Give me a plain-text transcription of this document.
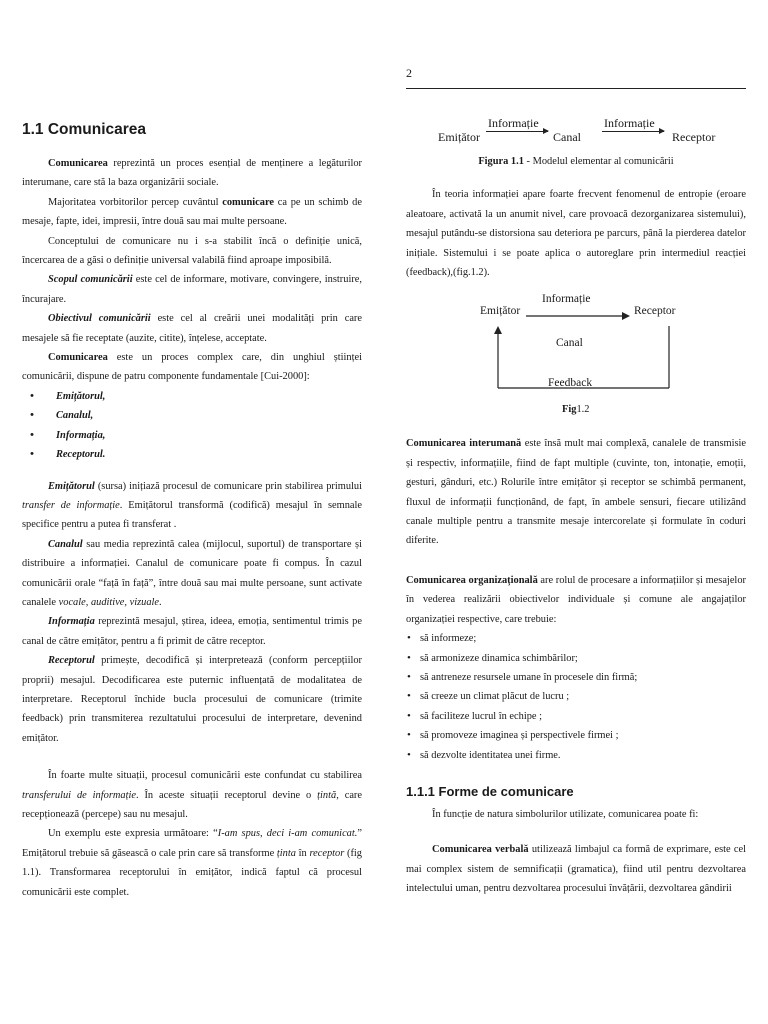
2

1.1 Comunicarea

Comunicarea reprezintă un proces esențial de menținere a legăturilor interumane, care stă la baza organizării sociale.

Majoritatea vorbitorilor percep cuvântul comunicare ca pe un schimb de mesaje, fapte, idei, impresii, între două sau mai multe persoane.

Conceptului de comunicare nu i s-a stabilit încă o definiție unică, încercarea de a găsi o definiție universal valabilă fiind aproape imposibilă.

Scopul comunicării este cel de informare, motivare, convingere, instruire, încurajare.

Obiectivul comunicării este cel al creării unei modalități prin care mesajele să fie receptate (auzite, citite), înțelese, acceptate.

Comunicarea este un proces complex care, din unghiul științei comunicării, dispune de patru componente fundamentale [Cui-2000]:

• Emițătorul,
• Canalul,
• Informația,
• Receptorul.

Emițătorul (sursa) inițiază procesul de comunicare prin stabilirea primului transfer de informație. Emițătorul transformă (codifică) mesajul în semnale specifice pentru a putea fi transferat .

Canalul sau media reprezintă calea (mijlocul, suportul) de transportare și distribuire a informației. Canalul de comunicare poate fi compus. În cazul comunicării orale “față în față”, între două sau mai multe persoane, sunt activate canalele vocale, auditive, vizuale.

Informația reprezintă mesajul, știrea, ideea, emoția, sentimentul trimis pe canal de către emițător, pentru a fi primit de către receptor.

Receptorul primește, decodifică și interpretează (conform percepțiilor proprii) mesajul. Decodificarea este puternic influențată de modalitatea de interpretare. Receptorul închide bucla procesului de comunicare (trimite feedback) prin transmiterea rezultatului procesului de interpretare, devenind emițător.

În foarte multe situații, procesul comunicării este confundat cu stabilirea transferului de informație. În aceste situații receptorul devine o țintă, care recepționează (percepe) sau nu mesajul.

Un exemplu este expresia următoare: “I-am spus, deci i-am comunicat.” Emițătorul trebuie să găsească o cale prin care să transforme ținta în receptor (fig 1.1). Transformarea receptorului în emițător, indică faptul că procesul comunicării este complet.

Emițător
Informație
Canal
Informație
Receptor

Figura 1.1 - Modelul elementar al comunicării

În teoria informației apare foarte frecvent fenomenul de entropie (eroare aleatoare, activată la un anumit nivel, care provoacă dezorganizarea sistemului), mesajul putându-se distorsiona sau deteriora pe parcurs, până la pierderea datelor inițiale. Sistemului i se poate aplica o autoreglare prin intermediul reacției (feedback),(fig.1.2).

Emițător
Informație
Receptor
Canal
Feedback
Fig 1.2

Comunicarea interumană este însă mult mai complexă, canalele de transmisie și respectiv, informațiile, fiind de fapt multiple (cuvinte, ton, intonație, emoții, gesturi, gânduri, etc.) Rolurile între emițător și receptor se schimbă permanent, fluxul de informații funcționând, de fapt, în ambele sensuri, fiecare utilizând canale multiple pentru a transmite mesaje intercorelate și formulate în coduri diferite.

Comunicarea organizațională are rolul de procesare a informațiilor și mesajelor în vederea realizării obiectivelor individuale și comune ale angajaților organizației respective, care trebuie:

• să informeze;
• să armonizeze dinamica schimbărilor;
• să antreneze resursele umane în procesele din firmă;
• să creeze un climat plăcut de lucru ;
• să faciliteze lucrul în echipe ;
• să promoveze imaginea și perspectivele firmei ;
• să dezvolte identitatea unei firme.

1.1.1 Forme de comunicare

În funcție de natura simbolurilor utilizate, comunicarea poate fi:

Comunicarea verbală utilizează limbajul ca formă de exprimare, este cel mai complex sistem de semnificații (gramatica), fiind util pentru dezvoltarea intelectului uman, pentru dezvoltarea procesului învățării, dezvoltarea gândirii
